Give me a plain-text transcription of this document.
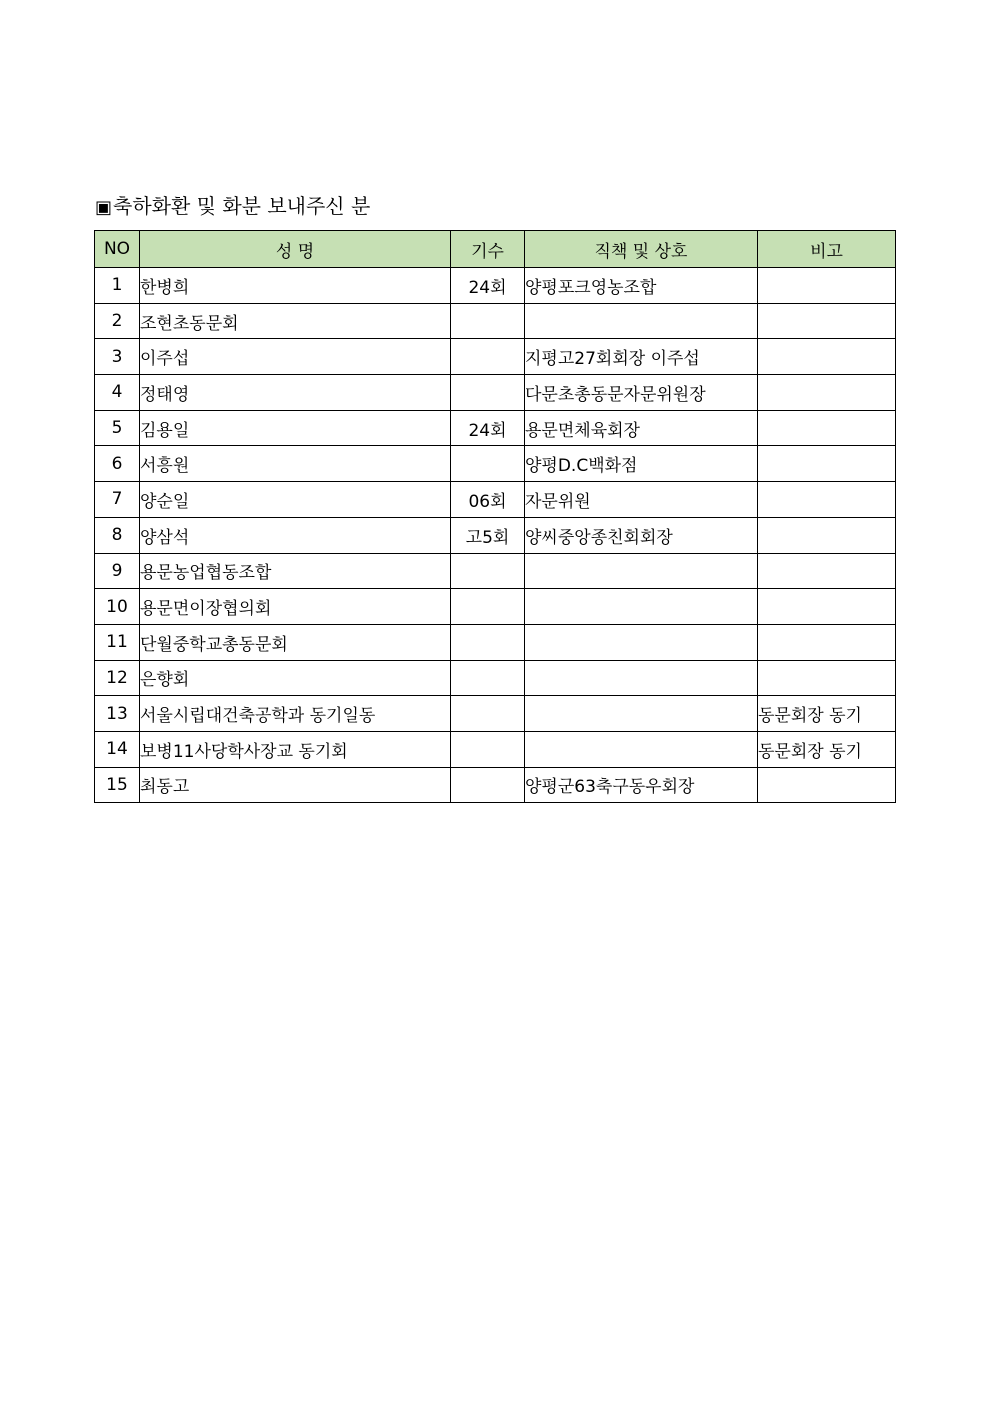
▣축하화환 및 화분 보내주신 분
NO	성 명	기수	직책 및 상호	비고
1	한병희	24회	양평포크영농조합	
2	조현초동문회			
3	이주섭		지평고27회회장 이주섭	
4	정태영		다문초총동문자문위원장	
5	김용일	24회	용문면체육회장	
6	서흥원		양평D.C백화점	
7	양순일	06회	자문위원	
8	양삼석	고5회	양씨중앙종친회회장	
9	용문농업협동조합			
10	용문면이장협의회			
11	단월중학교총동문회			
12	은향회			
13	서울시립대건축공학과 동기일동			동문회장 동기
14	보병11사당학사장교 동기회			동문회장 동기
15	최동고		양평군63축구동우회장	
